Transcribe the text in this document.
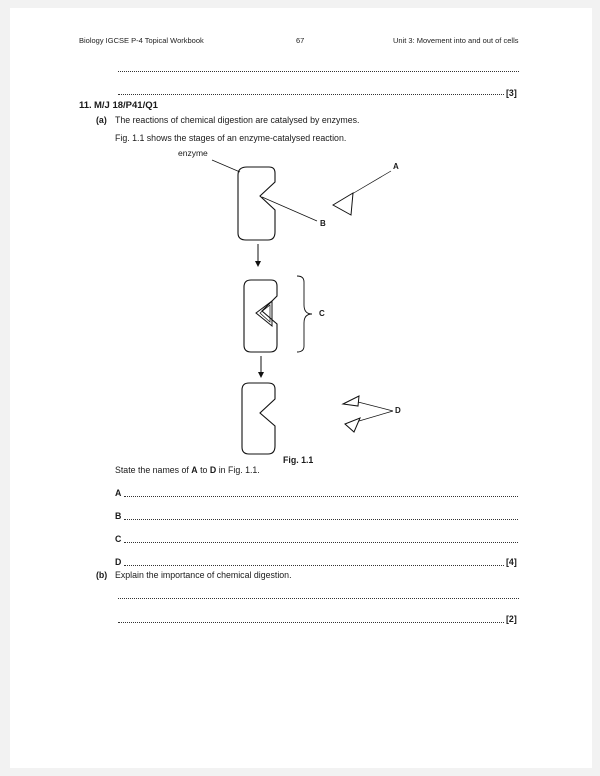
Biology IGCSE P-4 Topical Workbook	67	Unit 3: Movement into and out of cells
[3]
11. M/J 18/P41/Q1
(a) The reactions of chemical digestion are catalysed by enzymes.
Fig. 1.1 shows the stages of an enzyme-catalysed reaction.
enzyme
A
B
C
D
Fig. 1.1
State the names of A to D in Fig. 1.1.
A
B
C
D	[4]
(b) Explain the importance of chemical digestion.
[2]
